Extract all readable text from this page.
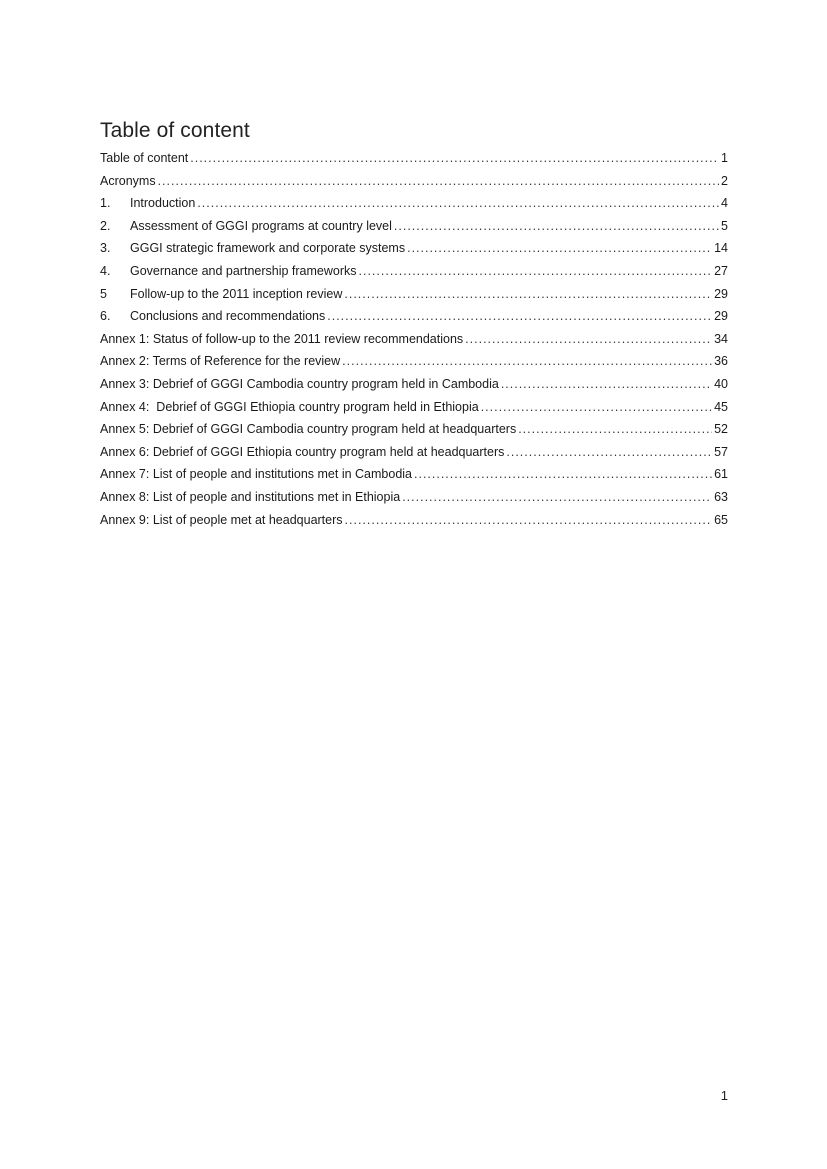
Table of content
Table of content .....	1
Acronyms .....	2
1.	Introduction .....	4
2.	Assessment of GGGI programs at country level .....	5
3.	GGGI strategic framework and corporate systems .....	14
4.	Governance and partnership frameworks .....	27
5	Follow-up to the 2011 inception review .....	29
6.	Conclusions and recommendations .....	29
Annex 1: Status of follow-up to the 2011 review recommendations .....	34
Annex 2: Terms of Reference for the review .....	36
Annex 3: Debrief of GGGI Cambodia country program held in Cambodia .....	40
Annex 4:  Debrief of GGGI Ethiopia country program held in Ethiopia .....	45
Annex 5: Debrief of GGGI Cambodia country program held at headquarters .....	52
Annex 6: Debrief of GGGI Ethiopia country program held at headquarters .....	57
Annex 7: List of people and institutions met in Cambodia .....	61
Annex 8: List of people and institutions met in Ethiopia .....	63
Annex 9: List of people met at headquarters .....	65
1
